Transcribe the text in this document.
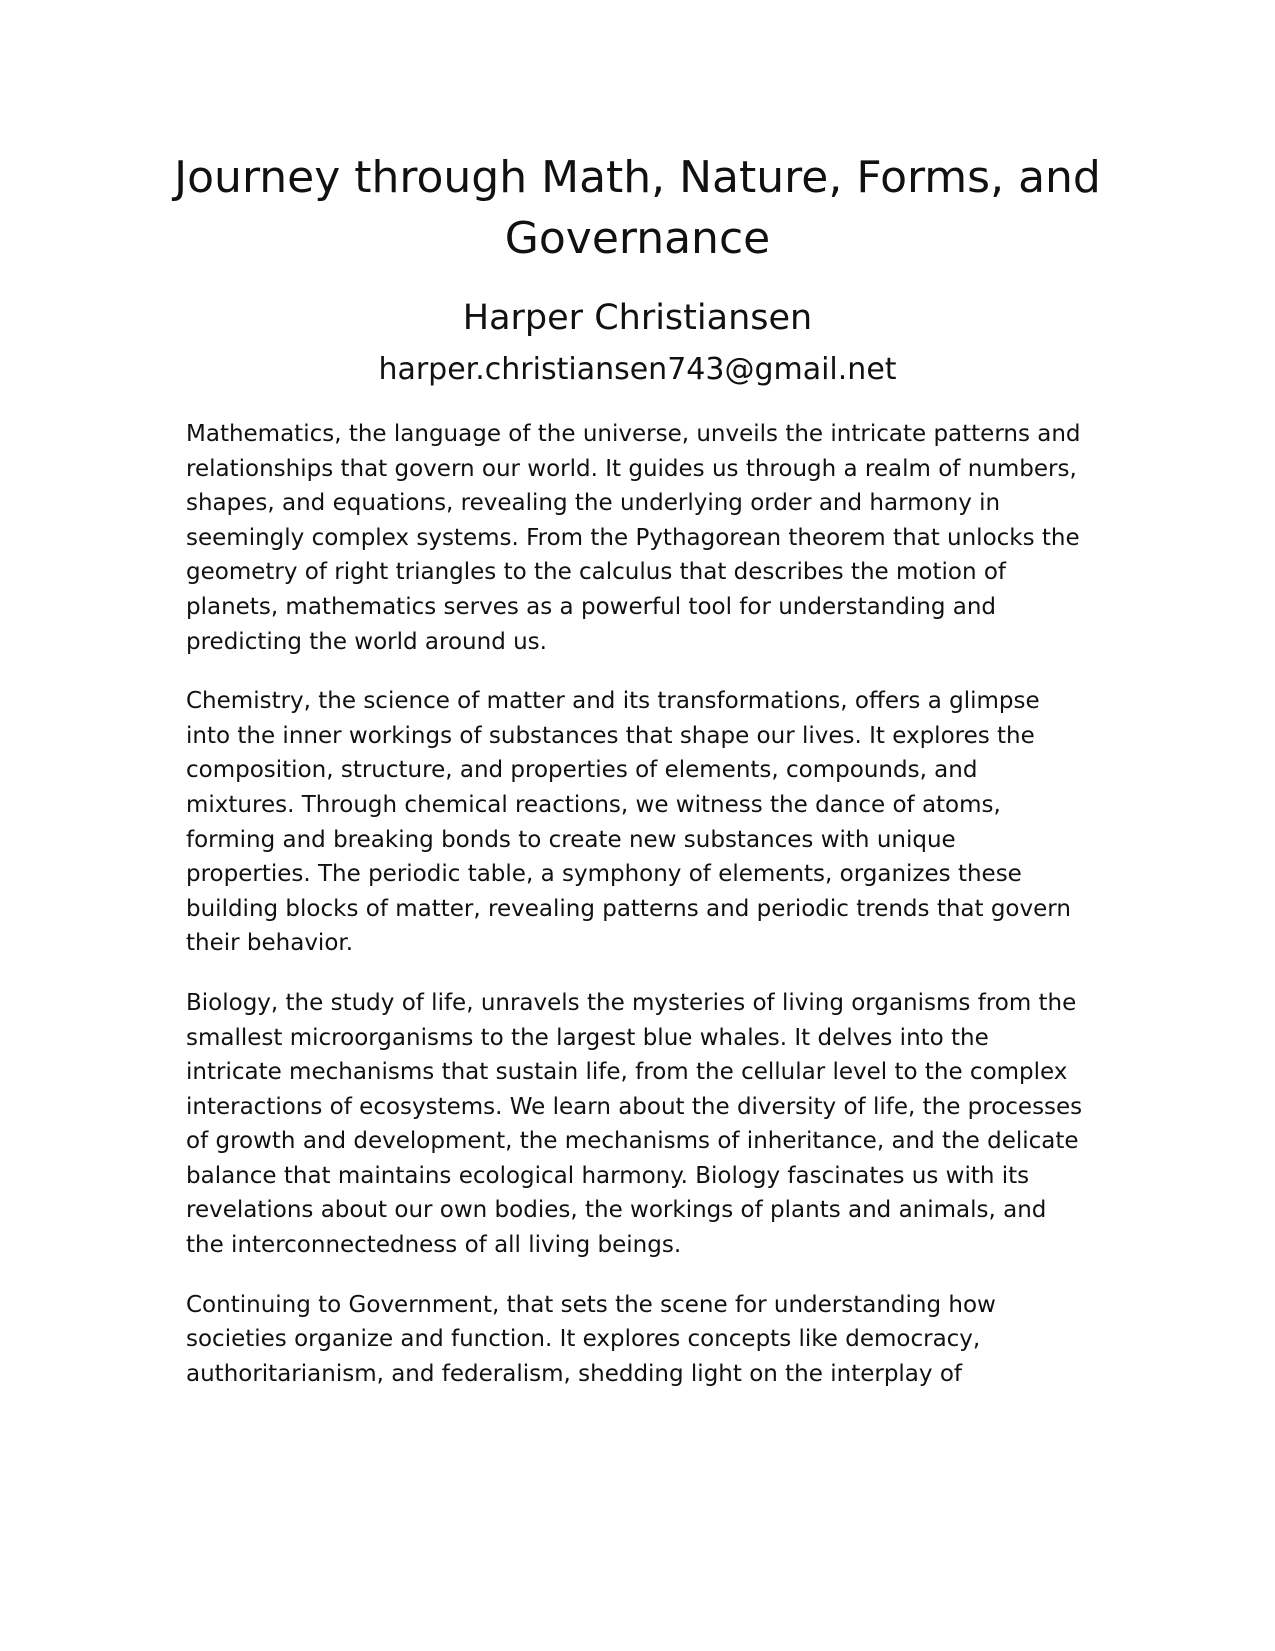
Journey through Math, Nature, Forms, and Governance
Harper Christiansen
harper.christiansen743@gmail.net

Mathematics, the language of the universe, unveils the intricate patterns and relationships that govern our world. It guides us through a realm of numbers, shapes, and equations, revealing the underlying order and harmony in seemingly complex systems. From the Pythagorean theorem that unlocks the geometry of right triangles to the calculus that describes the motion of planets, mathematics serves as a powerful tool for understanding and predicting the world around us.

Chemistry, the science of matter and its transformations, offers a glimpse into the inner workings of substances that shape our lives. It explores the composition, structure, and properties of elements, compounds, and mixtures. Through chemical reactions, we witness the dance of atoms, forming and breaking bonds to create new substances with unique properties. The periodic table, a symphony of elements, organizes these building blocks of matter, revealing patterns and periodic trends that govern their behavior.

Biology, the study of life, unravels the mysteries of living organisms from the smallest microorganisms to the largest blue whales. It delves into the intricate mechanisms that sustain life, from the cellular level to the complex interactions of ecosystems. We learn about the diversity of life, the processes of growth and development, the mechanisms of inheritance, and the delicate balance that maintains ecological harmony. Biology fascinates us with its revelations about our own bodies, the workings of plants and animals, and the interconnectedness of all living beings.

Continuing to Government, that sets the scene for understanding how societies organize and function. It explores concepts like democracy, authoritarianism, and federalism, shedding light on the interplay of
